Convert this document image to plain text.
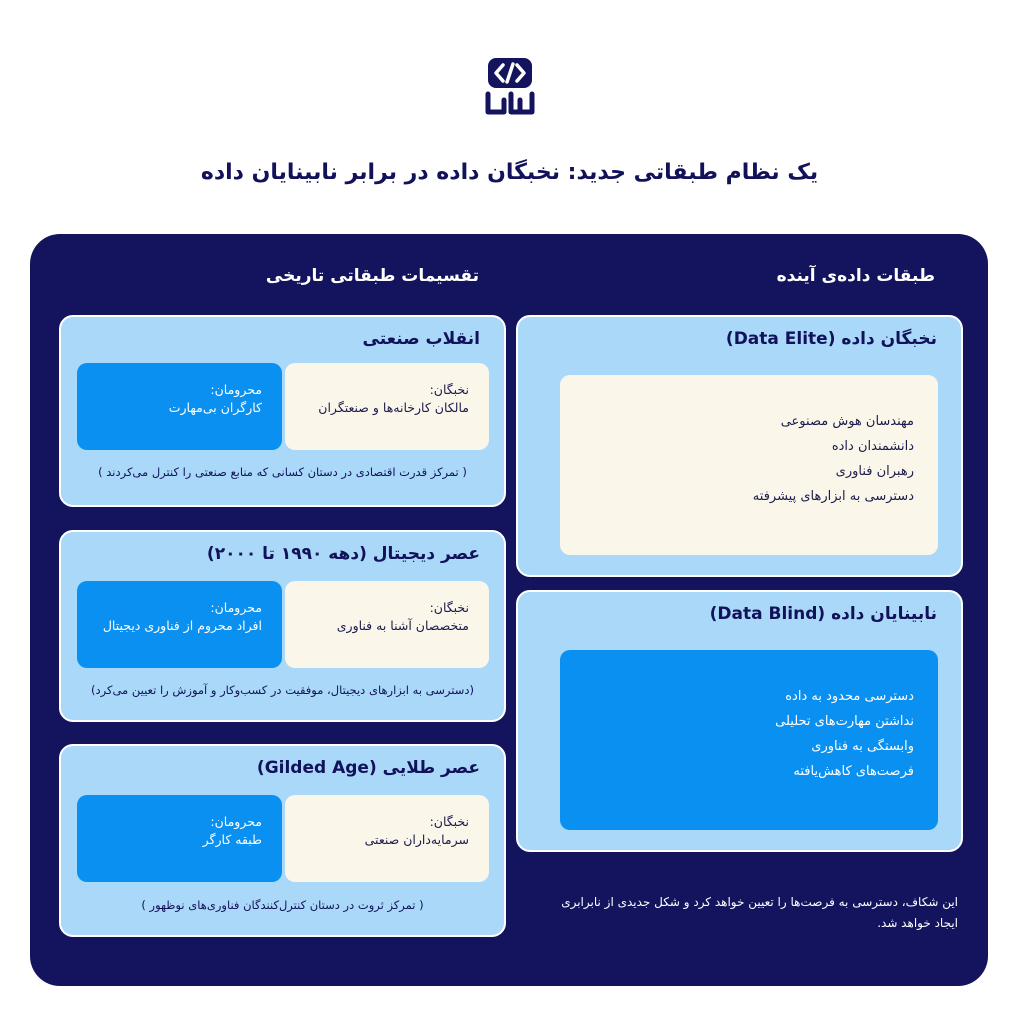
یک نظام طبقاتی جدید: نخبگان داده در برابر نابینایان داده
طبقات داده‌ی آینده
تقسیمات طبقاتی تاریخی
نخبگان داده (Data Elite)
مهندسان هوش مصنوعی
دانشمندان داده
رهبران فناوری
دسترسی به ابزارهای پیشرفته
نابینایان داده (Data Blind)
دسترسی محدود به داده
نداشتن مهارت‌های تحلیلی
وابستگی به فناوری
فرصت‌های کاهش‌یافته
این شکاف، دسترسی به فرصت‌ها را تعیین خواهد کرد و شکل جدیدی از نابرابری ایجاد خواهد شد.
انقلاب صنعتی
نخبگان:
مالکان کارخانه‌ها و صنعتگران
محرومان:
کارگران بی‌مهارت
( تمرکز قدرت اقتصادی در دستان کسانی که منابع صنعتی را کنترل می‌کردند )
عصر دیجیتال (دهه ۱۹۹۰ تا ۲۰۰۰)
نخبگان:
متخصصان آشنا به فناوری
محرومان:
افراد محروم از فناوری دیجیتال
(دسترسی به ابزارهای دیجیتال، موفقیت در کسب‌وکار و آموزش را تعیین می‌کرد)
عصر طلایی (Gilded Age)
نخبگان:
سرمایه‌داران صنعتی
محرومان:
طبقه کارگر
( تمرکز ثروت در دستان کنترل‌کنندگان فناوری‌های نوظهور )
